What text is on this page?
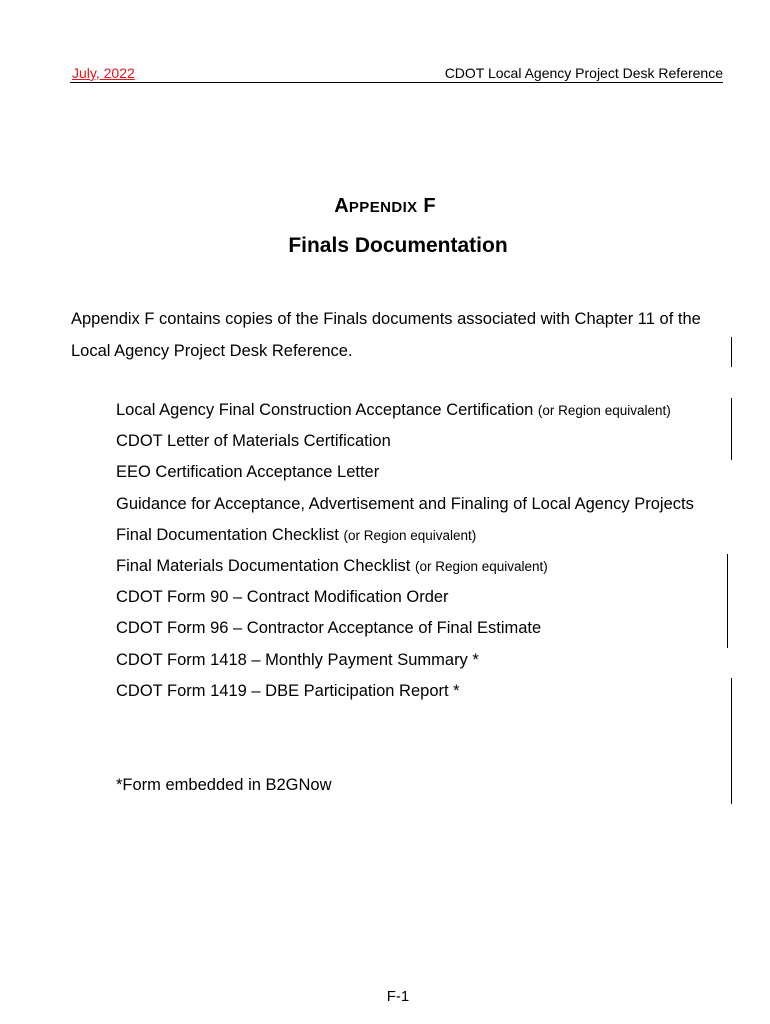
July, 2022	CDOT Local Agency Project Desk Reference
APPENDIX F
Finals Documentation

Appendix F contains copies of the Finals documents associated with Chapter 11 of the Local Agency Project Desk Reference.

Local Agency Final Construction Acceptance Certification (or Region equivalent)
CDOT Letter of Materials Certification
EEO Certification Acceptance Letter
Guidance for Acceptance, Advertisement and Finaling of Local Agency Projects
Final Documentation Checklist (or Region equivalent)
Final Materials Documentation Checklist (or Region equivalent)
CDOT Form 90 – Contract Modification Order
CDOT Form 96 – Contractor Acceptance of Final Estimate
CDOT Form 1418 – Monthly Payment Summary *
CDOT Form 1419 – DBE Participation Report *
*Form embedded in B2GNow
F-1
